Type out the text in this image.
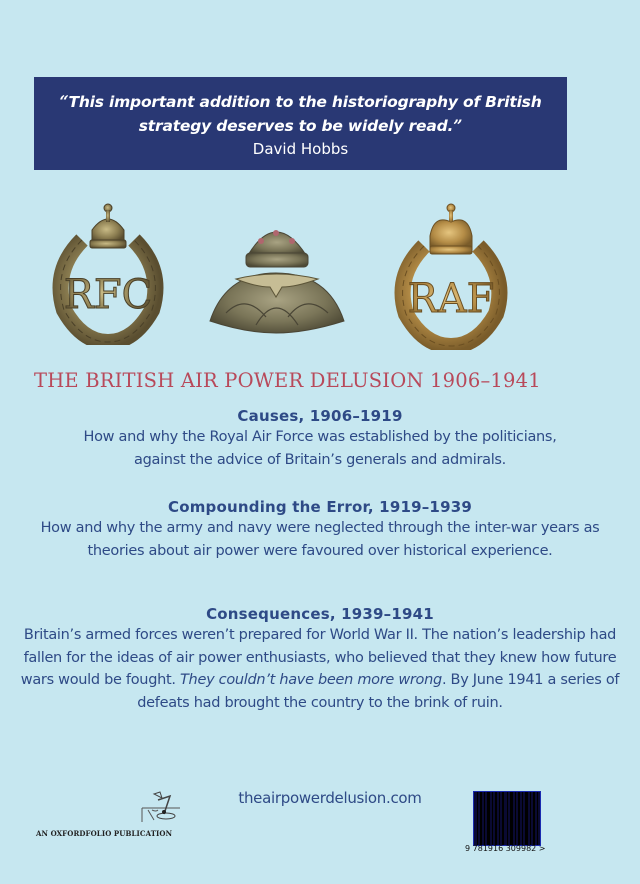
“This important addition to the historiography of British strategy deserves to be widely read.”
David Hobbs
RFC	RAF
THE BRITISH AIR POWER DELUSION 1906–1941
Causes, 1906–1919
How and why the Royal Air Force was established by the politicians, against the advice of Britain’s generals and admirals.
Compounding the Error, 1919–1939
How and why the army and navy were neglected through the inter-war years as theories about air power were favoured over historical experience.
Consequences, 1939–1941
Britain’s armed forces weren’t prepared for World War II. The nation’s leadership had fallen for the ideas of air power enthusiasts, who believed that they knew how future wars would be fought. They couldn’t have been more wrong. By June 1941 a series of defeats had brought the country to the brink of ruin.
AN OXFORDFOLIO PUBLICATION
theairpowerdelusion.com
9 781916 309982 >
